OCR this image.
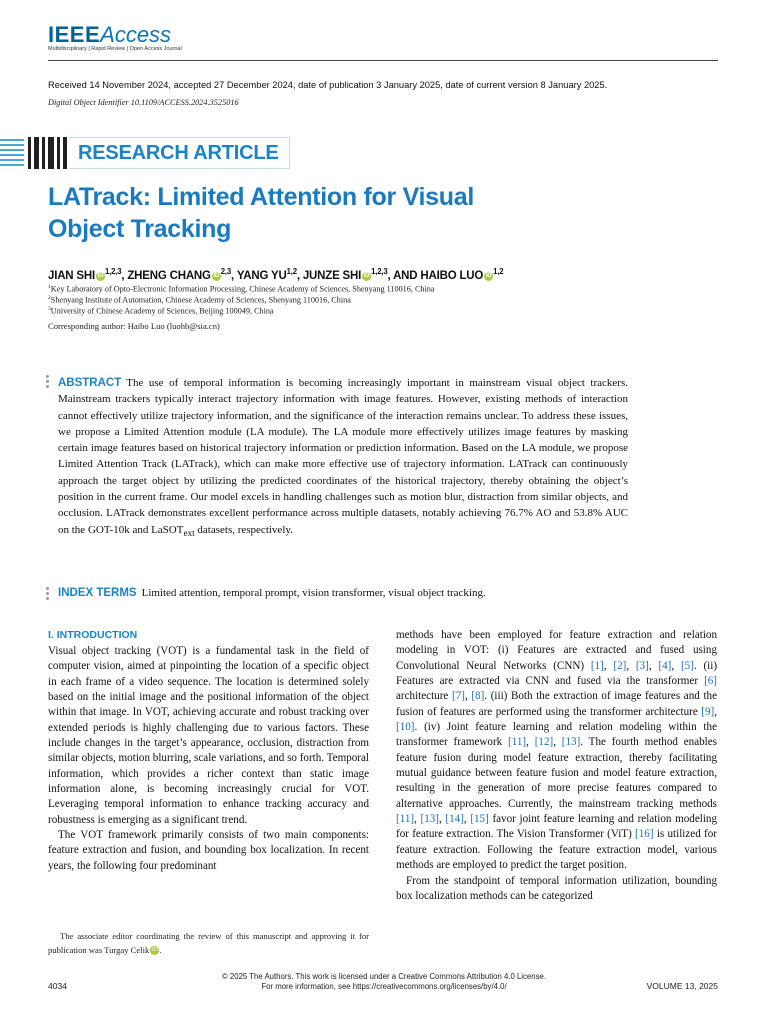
IEEEAccess
Multidisciplinary | Rapid Review | Open Access Journal
Received 14 November 2024, accepted 27 December 2024, date of publication 3 January 2025, date of current version 8 January 2025.
Digital Object Identifier 10.1109/ACCESS.2024.3525016
RESEARCH ARTICLE
LATrack: Limited Attention for Visual
Object Tracking
JIAN SHI iD $^{1,2,3}$, ZHENG CHANG iD $^{2,3}$, YANG YU$^{1,2}$, JUNZE SHI iD $^{1,2,3}$, AND HAIBO LUO iD $^{1,2}$
$^1$Key Laboratory of Opto-Electronic Information Processing, Chinese Academy of Sciences, Shenyang 110016, China
$^2$Shenyang Institute of Automation, Chinese Academy of Sciences, Shenyang 110016, China
$^3$University of Chinese Academy of Sciences, Beijing 100049, China
Corresponding author: Haibo Luo (luohb@sia.cn)
ABSTRACT The use of temporal information is becoming increasingly important in mainstream visual object trackers. Mainstream trackers typically interact trajectory information with image features. However, existing methods of interaction cannot effectively utilize trajectory information, and the significance of the interaction remains unclear. To address these issues, we propose a Limited Attention module (LA module). The LA module more effectively utilizes image features by masking certain image features based on historical trajectory information or prediction information. Based on the LA module, we propose Limited Attention Track (LATrack), which can make more effective use of trajectory information. LATrack can continuously approach the target object by utilizing the predicted coordinates of the historical trajectory, thereby obtaining the object’s position in the current frame. Our model excels in handling challenges such as motion blur, distraction from similar objects, and occlusion. LATrack demonstrates excellent performance across multiple datasets, notably achieving 76.7% AO and 53.8% AUC on the GOT-10k and LaSOT$_{ext}$ datasets, respectively.
INDEX TERMS Limited attention, temporal prompt, vision transformer, visual object tracking.
I. INTRODUCTION

Visual object tracking (VOT) is a fundamental task in the field of computer vision, aimed at pinpointing the location of a specific object in each frame of a video sequence. The location is determined solely based on the initial image and the positional information of the object within that image. In VOT, achieving accurate and robust tracking over extended periods is highly challenging due to various factors. These include changes in the target’s appearance, occlusion, distraction from similar objects, motion blurring, scale variations, and so forth. Temporal information, which provides a richer context than static image information alone, is becoming increasingly crucial for VOT. Leveraging temporal information to enhance tracking accuracy and robustness is emerging as a significant trend.

The VOT framework primarily consists of two main components: feature extraction and fusion, and bounding box localization. In recent years, the following four predominant

The associate editor coordinating the review of this manuscript and approving it for publication was Turgay Celik iD .

methods have been employed for feature extraction and relation modeling in VOT: (i) Features are extracted and fused using Convolutional Neural Networks (CNN) [1], [2], [3], [4], [5]. (ii) Features are extracted via CNN and fused via the transformer [6] architecture [7], [8]. (iii) Both the extraction of image features and the fusion of features are performed using the transformer architecture [9], [10]. (iv) Joint feature learning and relation modeling within the transformer framework [11], [12], [13]. The fourth method enables feature fusion during model feature extraction, thereby facilitating mutual guidance between feature fusion and model feature extraction, resulting in the generation of more precise features compared to alternative approaches. Currently, the mainstream tracking methods [11], [13], [14], [15] favor joint feature learning and relation modeling for feature extraction. The Vision Transformer (ViT) [16] is utilized for feature extraction. Following the feature extraction model, various methods are employed to predict the target position.

From the standpoint of temporal information utilization, bounding box localization methods can be categorized

© 2025 The Authors. This work is licensed under a Creative Commons Attribution 4.0 License.
For more information, see https://creativecommons.org/licenses/by/4.0/
4034	VOLUME 13, 2025
